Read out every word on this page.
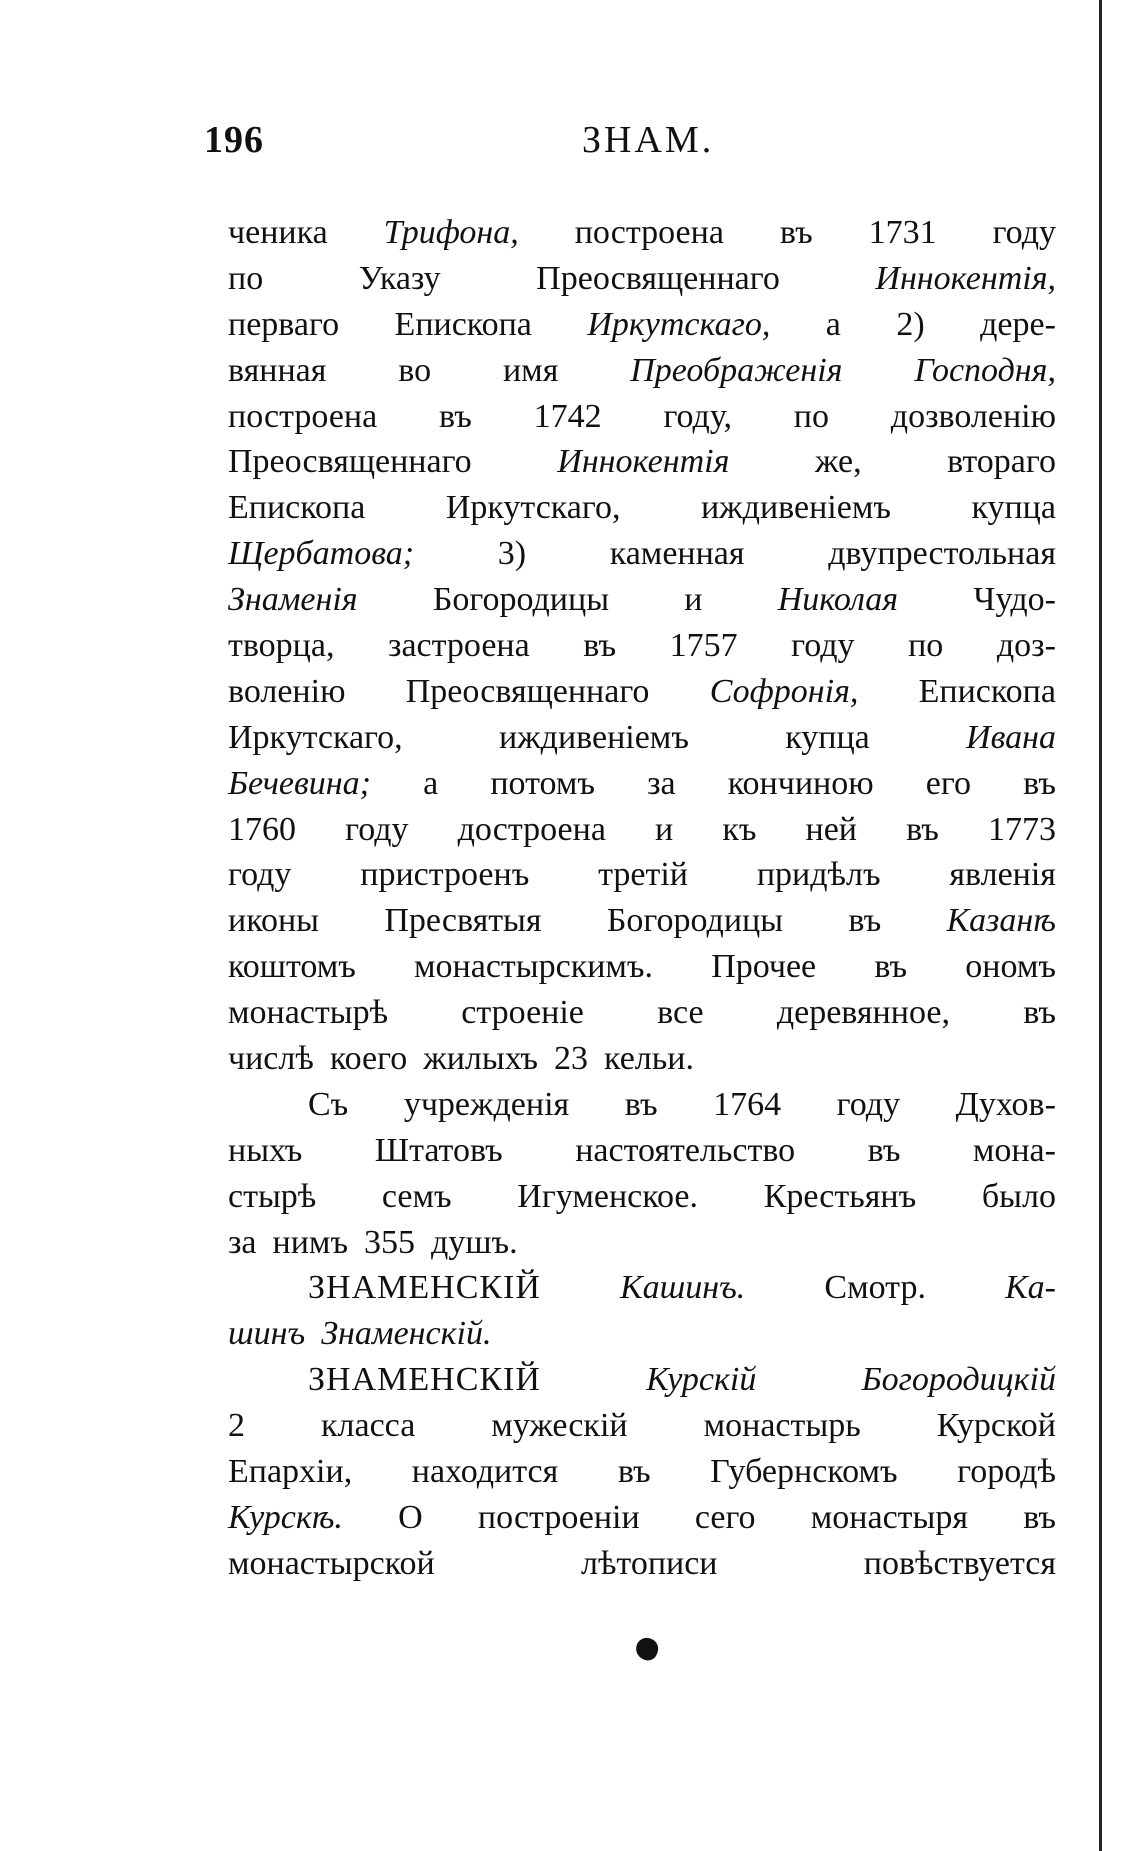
196	ЗНАМ.
ченика Трифона, построена въ 1731 году
по	Указу	Преосвященнаго	Иннокентія,
перваго Епископа Иркутскаго, а 2) дере-
вянная во имя Преображенія Господня,
построена въ 1742 году, по дозволенію
Преосвященнаго	Иннокентія	же,	втораго
Епископа Иркутскаго, иждивеніемъ купца
Щербатова; 3) каменная двупрестольная
Знаменія Богородицы и Николая Чудо-
творца, застроена въ 1757 году по доз-
воленію Преосвященнаго Софронія, Епископа
Иркутскаго,	иждивеніемъ	купца	Ивана
Бечевина; а потомъ за кончиною его въ
1760 году достроена и къ ней въ 1773
году пристроенъ третій придѣлъ явленія
иконы Пресвятыя Богородицы въ Казанѣ
коштомъ монастырскимъ. Прочее въ ономъ
монастырѣ строеніе все деревянное, въ
числѣ коего жилыхъ 23 кельи.
Съ учрежденія въ 1764 году Духов-
ныхъ Штатовъ настоятельство въ мона-
стырѣ семъ Игуменское. Крестьянъ было
за нимъ 355 душъ.
ЗНАМЕНСКІЙ Кашинъ. Смотр. Ка-
шинъ Знаменскій.
ЗНАМЕНСКІЙ	Курскій	Богородицкій
2 класса мужескій монастырь Курской
Епархіи, находится въ Губернскомъ городѣ
Курскѣ. О построеніи сего монастыря въ
монастырской	лѣтописи	повѣствуется
